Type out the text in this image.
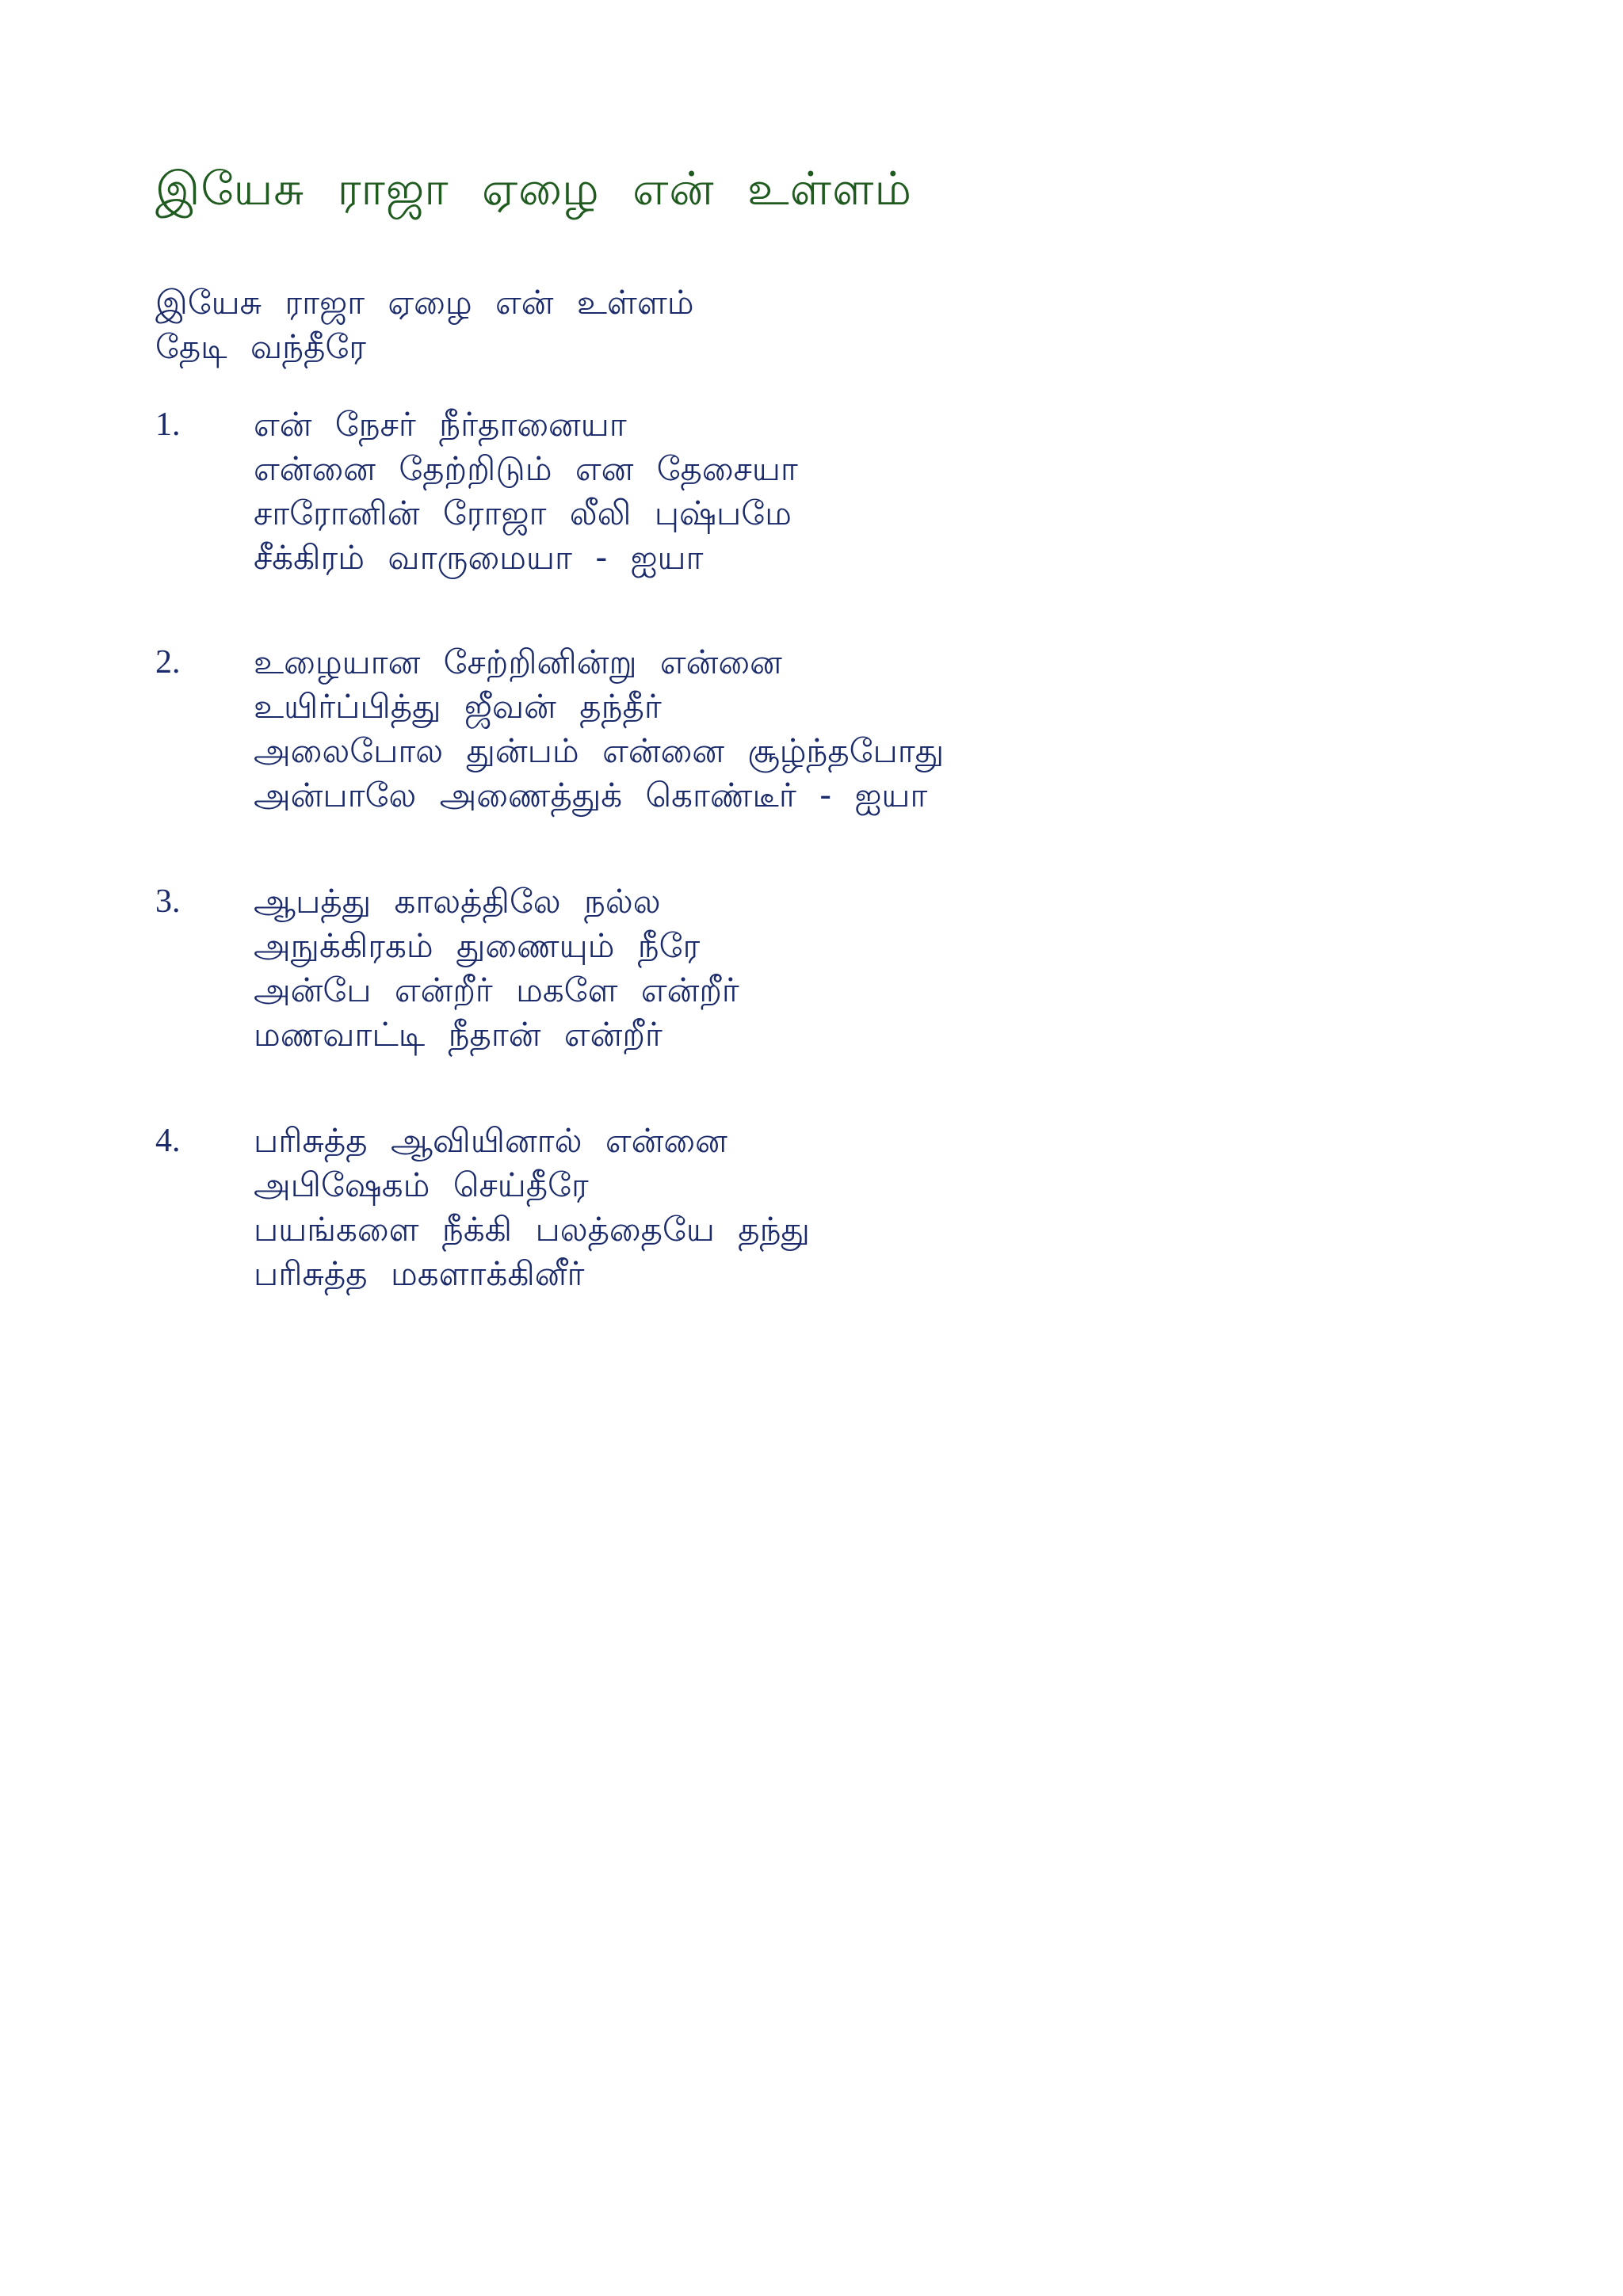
இயேசு ராஜா ஏழை என் உள்ளம்
இயேசு ராஜா ஏழை என் உள்ளம்
தேடி வந்தீரே
1. என் நேசர் நீர்தானையா
என்னை தேற்றிடும் என தேசையா
சாரோனின் ரோஜா லீலி புஷ்பமே
சீக்கிரம் வாருமையா - ஐயா
2. உழையான சேற்றினின்று என்னை
உயிர்ப்பித்து ஜீவன் தந்தீர்
அலைபோல துன்பம் என்னை சூழ்ந்தபோது
அன்பாலே அணைத்துக் கொண்டீர் - ஐயா
3. ஆபத்து காலத்திலே நல்ல
அநுக்கிரகம் துணையும் நீரே
அன்பே என்றீர் மகளே என்றீர்
மணவாட்டி நீதான் என்றீர்
4. பரிசுத்த ஆவியினால் என்னை
அபிஷேகம் செய்தீரே
பயங்களை நீக்கி பலத்தையே தந்து
பரிசுத்த மகளாக்கினீர்
